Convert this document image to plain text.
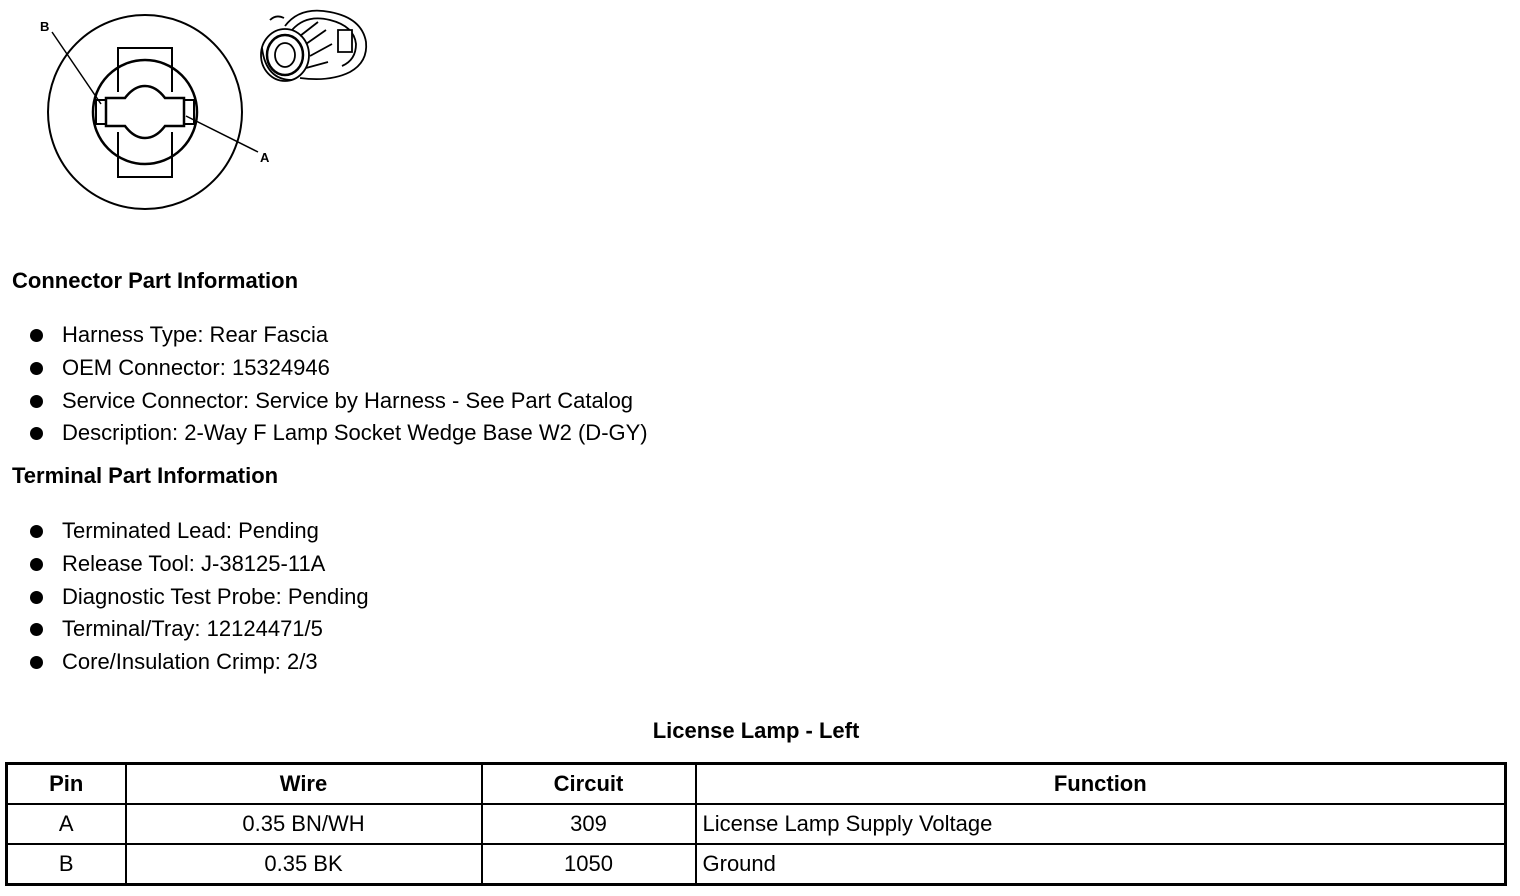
B
A
Connector Part Information
Harness Type: Rear Fascia
OEM Connector: 15324946
Service Connector: Service by Harness - See Part Catalog
Description: 2-Way F Lamp Socket Wedge Base W2 (D-GY)
Terminal Part Information
Terminated Lead: Pending
Release Tool: J-38125-11A
Diagnostic Test Probe: Pending
Terminal/Tray: 12124471/5
Core/Insulation Crimp: 2/3
License Lamp - Left
Pin	Wire	Circuit	Function
A	0.35 BN/WH	309	License Lamp Supply Voltage
B	0.35 BK	1050	Ground
